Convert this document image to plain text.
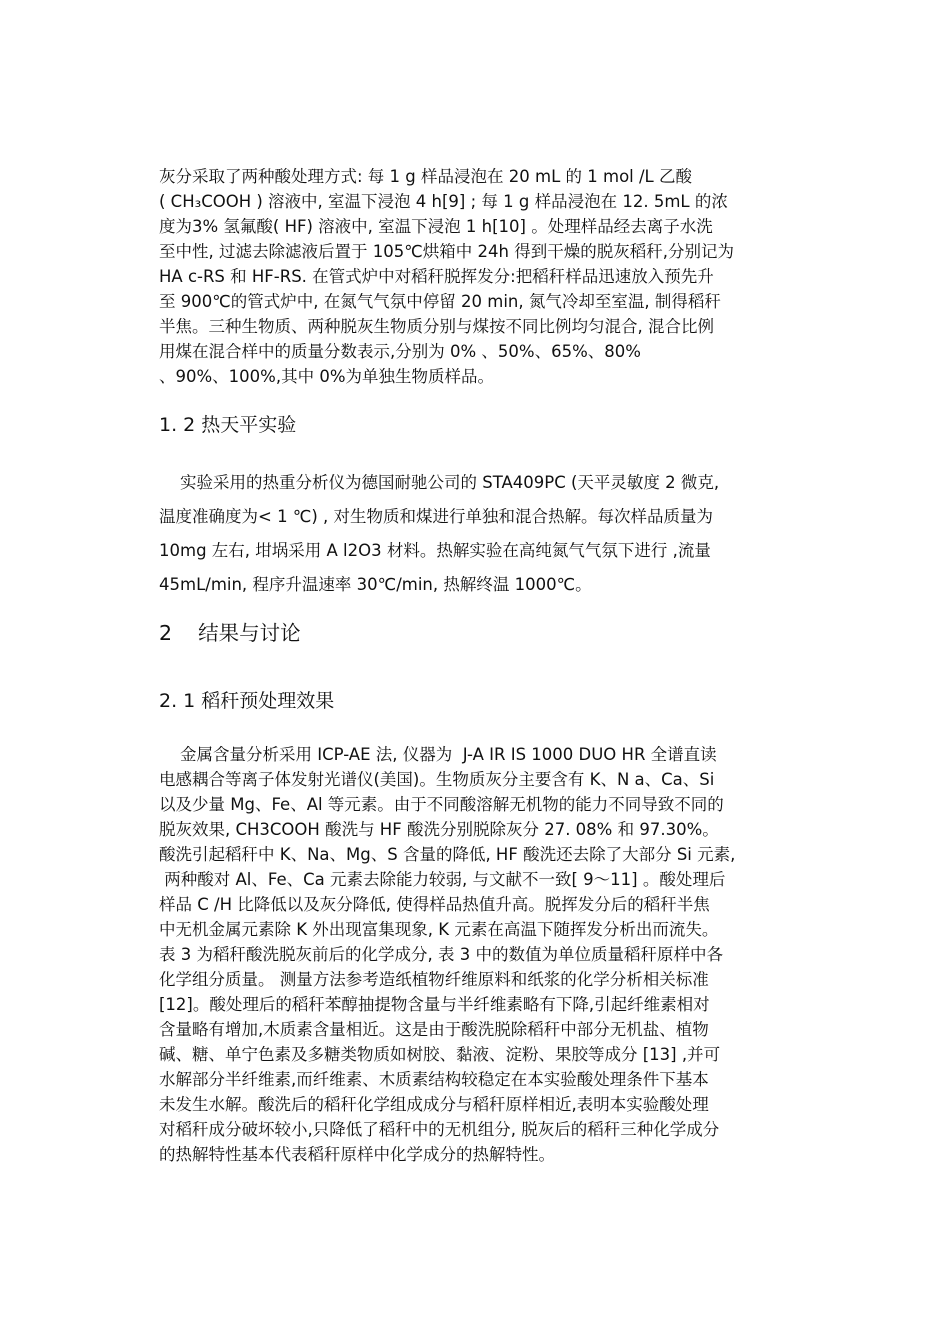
灰分采取了两种酸处理方式: 每 1 g 样品浸泡在 20 mL 的 1 mol /L 乙酸
( CH₃COOH ) 溶液中, 室温下浸泡 4 h[9] ; 每 1 g 样品浸泡在 12. 5mL 的浓
度为3% 氢氟酸( HF) 溶液中, 室温下浸泡 1 h[10] 。处理样品经去离子水洗
至中性, 过滤去除滤液后置于 105℃烘箱中 24h 得到干燥的脱灰稻秆,分别记为
HA c-RS 和 HF-RS. 在管式炉中对稻秆脱挥发分:把稻秆样品迅速放入预先升
至 900℃的管式炉中, 在氮气气氛中停留 20 min, 氮气冷却至室温, 制得稻秆
半焦。三种生物质、两种脱灰生物质分别与煤按不同比例均匀混合, 混合比例
用煤在混合样中的质量分数表示,分别为 0% 、50%、65%、80%
、90%、100%,其中 0%为单独生物质样品。
1. 2 热天平实验
实验采用的热重分析仪为德国耐驰公司的 STA409PC (天平灵敏度 2 微克,
温度准确度为< 1 ℃) , 对生物质和煤进行单独和混合热解。每次样品质量为
10mg 左右, 坩埚采用 A l2O3 材料。热解实验在高纯氮气气氛下进行 ,流量
45mL/min, 程序升温速率 30℃/min, 热解终温 1000℃。
2    结果与讨论
2. 1 稻秆预处理效果
金属含量分析采用 ICP-AE 法, 仪器为  J-A IR IS 1000 DUO HR 全谱直读
电感耦合等离子体发射光谱仪(美国)。生物质灰分主要含有 K、N a、Ca、Si
以及少量 Mg、Fe、Al 等元素。由于不同酸溶解无机物的能力不同导致不同的
脱灰效果, CH3COOH 酸洗与 HF 酸洗分别脱除灰分 27. 08% 和 97.30%。
酸洗引起稻秆中 K、Na、Mg、S 含量的降低, HF 酸洗还去除了大部分 Si 元素,
两种酸对 Al、Fe、Ca 元素去除能力较弱, 与文献不一致[ 9～11] 。酸处理后
样品 C /H 比降低以及灰分降低, 使得样品热值升高。脱挥发分后的稻秆半焦
中无机金属元素除 K 外出现富集现象, K 元素在高温下随挥发分析出而流失。
表 3 为稻秆酸洗脱灰前后的化学成分, 表 3 中的数值为单位质量稻秆原样中各
化学组分质量。 测量方法参考造纸植物纤维原料和纸浆的化学分析相关标准
[12]。酸处理后的稻秆苯醇抽提物含量与半纤维素略有下降,引起纤维素相对
含量略有增加,木质素含量相近。这是由于酸洗脱除稻秆中部分无机盐、植物
碱、糖、单宁色素及多糖类物质如树胶、黏液、淀粉、果胶等成分 [13] ,并可
水解部分半纤维素,而纤维素、木质素结构较稳定在本实验酸处理条件下基本
未发生水解。酸洗后的稻秆化学组成成分与稻秆原样相近,表明本实验酸处理
对稻秆成分破坏较小,只降低了稻秆中的无机组分, 脱灰后的稻秆三种化学成分
的热解特性基本代表稻秆原样中化学成分的热解特性。
